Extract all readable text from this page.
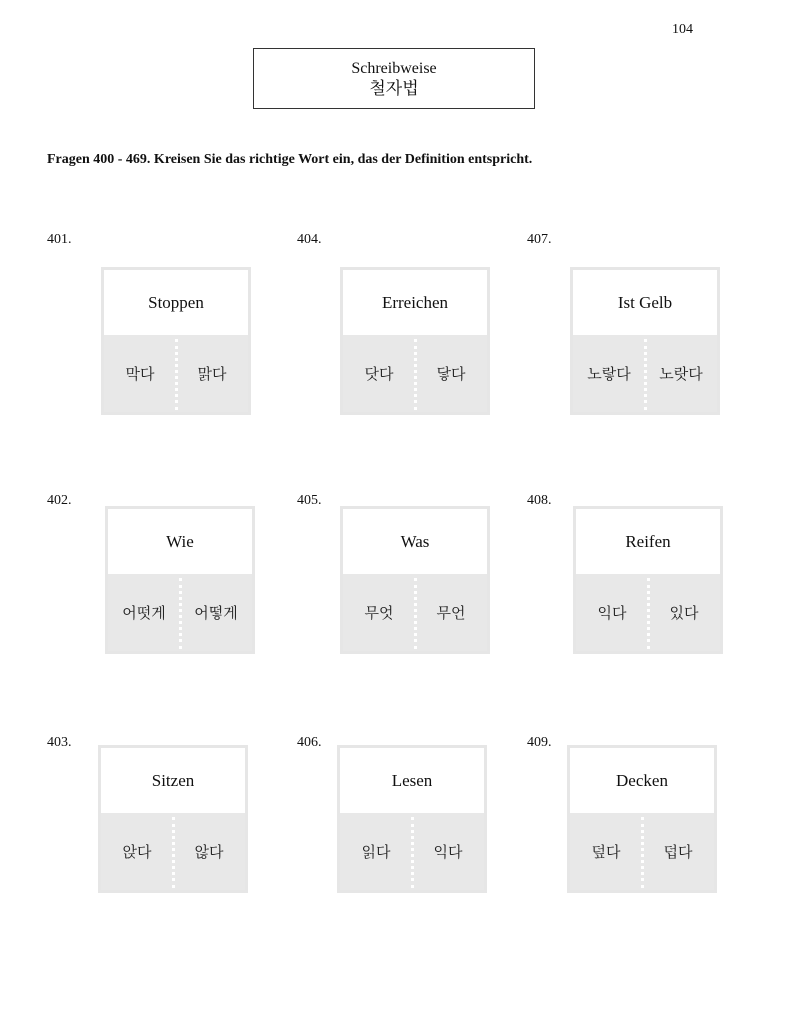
104
Schreibweise
철자법
Fragen 400 - 469. Kreisen Sie das richtige Wort ein, das der Definition entspricht.
401.
Stoppen
막다	맑다
402.
Wie
어떳게	어떻게
403.
Sitzen
앉다	않다
404.
Erreichen
닷다	닿다
405.
Was
무엇	무언
406.
Lesen
읽다	익다
407.
Ist Gelb
노랗다	노랏다
408.
Reifen
익다	있다
409.
Decken
덮다	덥다
